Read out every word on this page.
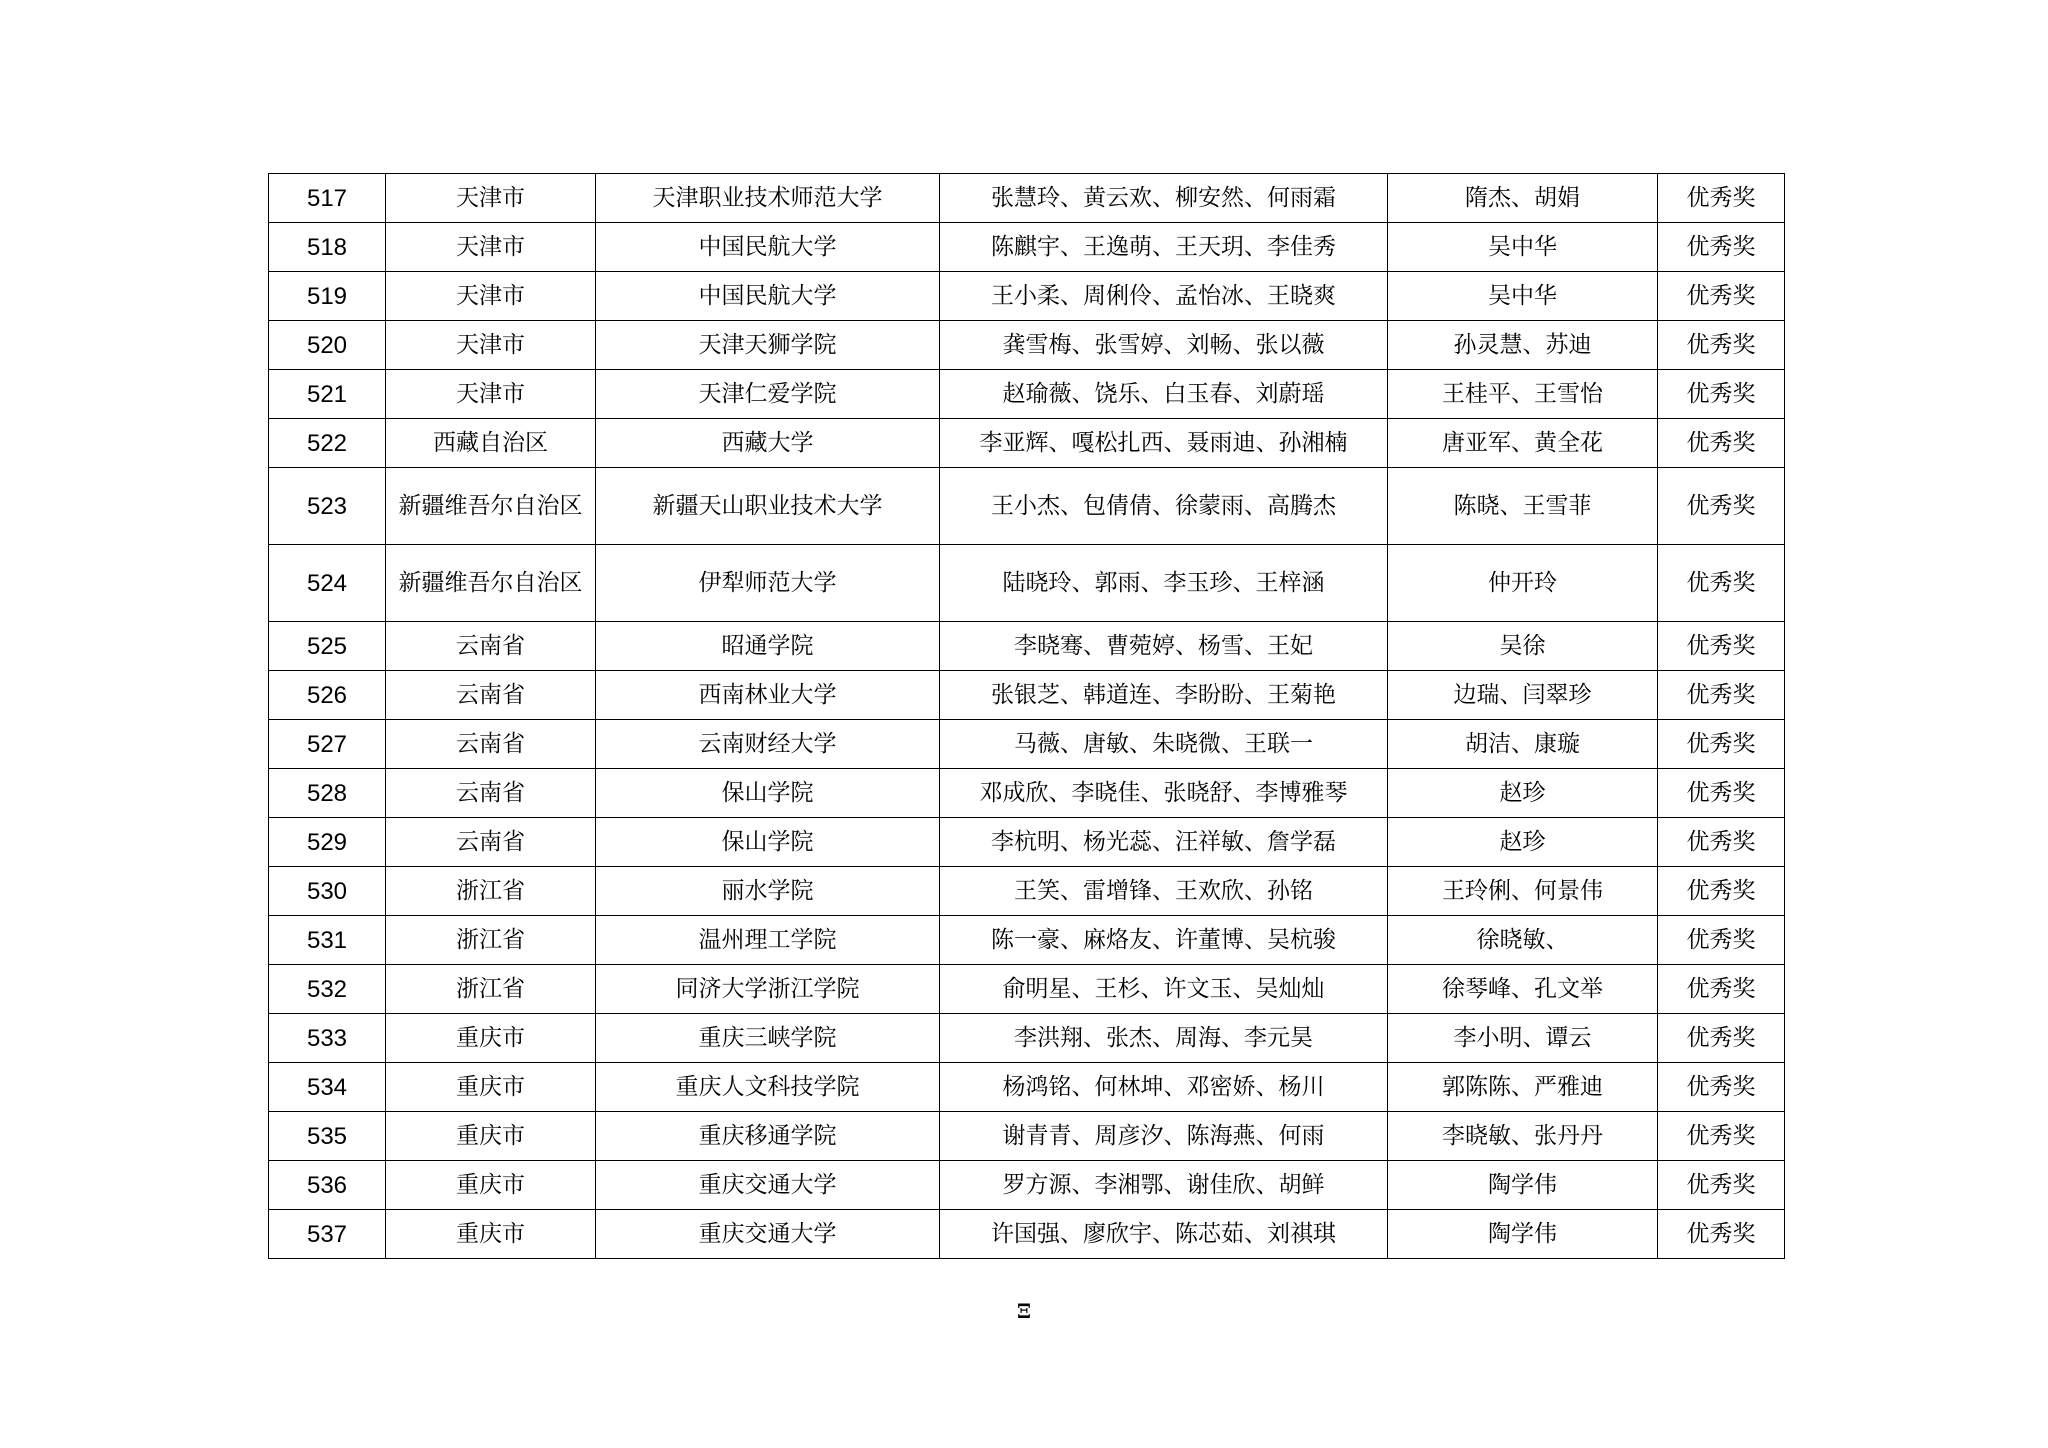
517	天津市	天津职业技术师范大学	张慧玲、黄云欢、柳安然、何雨霜	隋杰、胡娟	优秀奖
518	天津市	中国民航大学	陈麒宇、王逸萌、王天玥、李佳秀	吴中华	优秀奖
519	天津市	中国民航大学	王小柔、周俐伶、孟怡冰、王晓爽	吴中华	优秀奖
520	天津市	天津天狮学院	龚雪梅、张雪婷、刘畅、张以薇	孙灵慧、苏迪	优秀奖
521	天津市	天津仁爱学院	赵瑜薇、饶乐、白玉春、刘蔚瑶	王桂平、王雪怡	优秀奖
522	西藏自治区	西藏大学	李亚辉、嘎松扎西、聂雨迪、孙湘楠	唐亚军、黄全花	优秀奖
523	新疆维吾尔自治区	新疆天山职业技术大学	王小杰、包倩倩、徐蒙雨、高腾杰	陈晓、王雪菲	优秀奖
524	新疆维吾尔自治区	伊犁师范大学	陆晓玲、郭雨、李玉珍、王梓涵	仲开玲	优秀奖
525	云南省	昭通学院	李晓骞、曹菀婷、杨雪、王妃	吴徐	优秀奖
526	云南省	西南林业大学	张银芝、韩道连、李盼盼、王菊艳	边瑞、闫翠珍	优秀奖
527	云南省	云南财经大学	马薇、唐敏、朱晓微、王联一	胡洁、康璇	优秀奖
528	云南省	保山学院	邓成欣、李晓佳、张晓舒、李博雅琴	赵珍	优秀奖
529	云南省	保山学院	李杭明、杨光蕊、汪祥敏、詹学磊	赵珍	优秀奖
530	浙江省	丽水学院	王笑、雷增锋、王欢欣、孙铭	王玲俐、何景伟	优秀奖
531	浙江省	温州理工学院	陈一豪、麻烙友、许董博、吴杭骏	徐晓敏、	优秀奖
532	浙江省	同济大学浙江学院	俞明星、王杉、许文玉、吴灿灿	徐琴峰、孔文举	优秀奖
533	重庆市	重庆三峡学院	李洪翔、张杰、周海、李元昊	李小明、谭云	优秀奖
534	重庆市	重庆人文科技学院	杨鸿铭、何林坤、邓密娇、杨川	郭陈陈、严雅迪	优秀奖
535	重庆市	重庆移通学院	谢青青、周彦汐、陈海燕、何雨	李晓敏、张丹丹	优秀奖
536	重庆市	重庆交通大学	罗方源、李湘鄂、谢佳欣、胡鲜	陶学伟	优秀奖
537	重庆市	重庆交通大学	许国强、廖欣宇、陈芯茹、刘祺琪	陶学伟	优秀奖
Ξ
